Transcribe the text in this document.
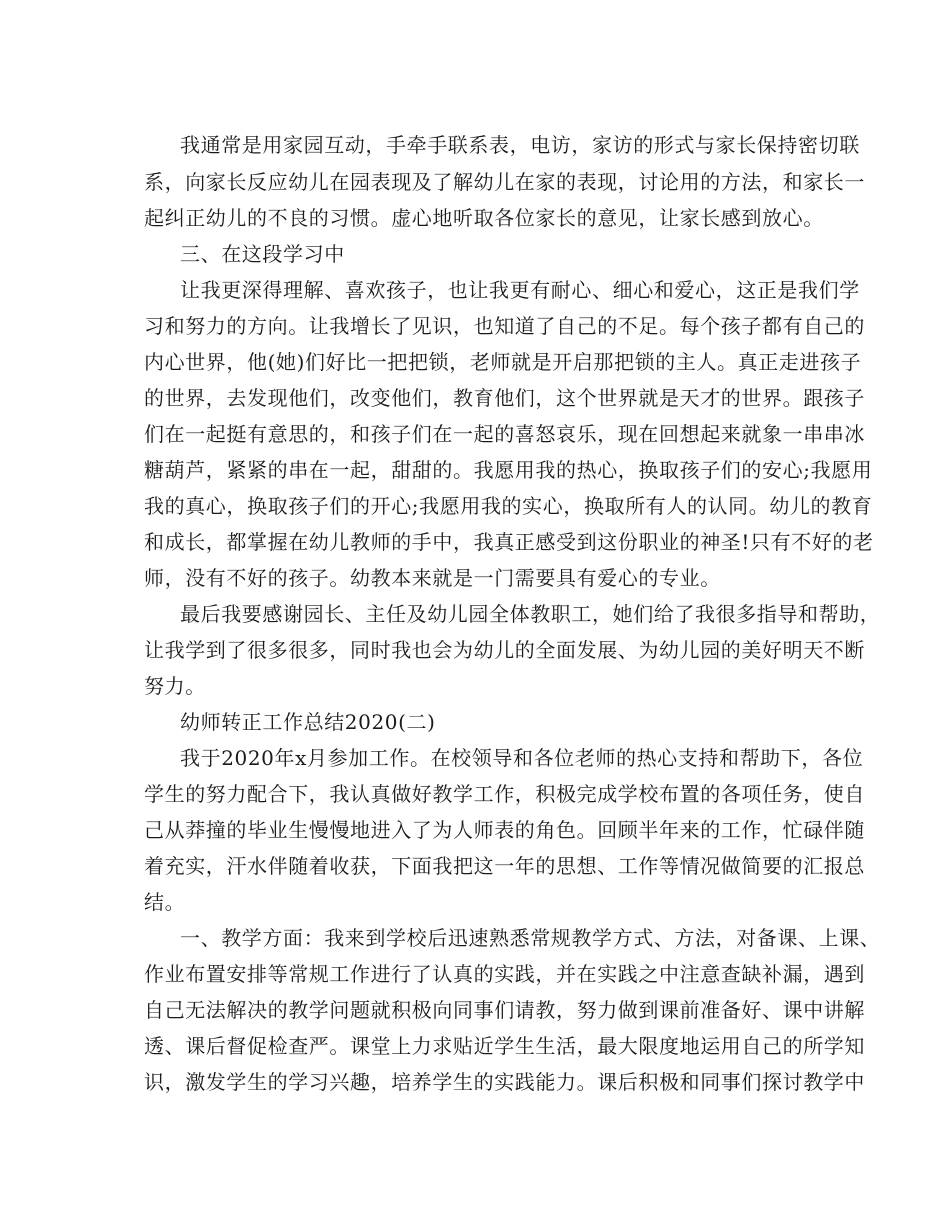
我通常是用家园互动，手牵手联系表，电访，家访的形式与家长保持密切联
系，向家长反应幼儿在园表现及了解幼儿在家的表现，讨论用的方法，和家长一
起纠正幼儿的不良的习惯。虚心地听取各位家长的意见，让家长感到放心。
三、在这段学习中
让我更深得理解、喜欢孩子，也让我更有耐心、细心和爱心，这正是我们学
习和努力的方向。让我增长了见识，也知道了自己的不足。每个孩子都有自己的
内心世界，他(她)们好比一把把锁，老师就是开启那把锁的主人。真正走进孩子
的世界，去发现他们，改变他们，教育他们，这个世界就是天才的世界。跟孩子
们在一起挺有意思的，和孩子们在一起的喜怒哀乐，现在回想起来就象一串串冰
糖葫芦，紧紧的串在一起，甜甜的。我愿用我的热心，换取孩子们的安心;我愿用
我的真心，换取孩子们的开心;我愿用我的实心，换取所有人的认同。幼儿的教育
和成长，都掌握在幼儿教师的手中，我真正感受到这份职业的神圣!只有不好的老
师，没有不好的孩子。幼教本来就是一门需要具有爱心的专业。
最后我要感谢园长、主任及幼儿园全体教职工，她们给了我很多指导和帮助，
让我学到了很多很多，同时我也会为幼儿的全面发展、为幼儿园的美好明天不断
努力。
幼师转正工作总结2020(二)
我于2020年x月参加工作。在校领导和各位老师的热心支持和帮助下，各位
学生的努力配合下，我认真做好教学工作，积极完成学校布置的各项任务，使自
己从莽撞的毕业生慢慢地进入了为人师表的角色。回顾半年来的工作，忙碌伴随
着充实，汗水伴随着收获，下面我把这一年的思想、工作等情况做简要的汇报总
结。
一、教学方面：我来到学校后迅速熟悉常规教学方式、方法，对备课、上课、
作业布置安排等常规工作进行了认真的实践，并在实践之中注意查缺补漏，遇到
自己无法解决的教学问题就积极向同事们请教，努力做到课前准备好、课中讲解
透、课后督促检查严。课堂上力求贴近学生生活，最大限度地运用自己的所学知
识，激发学生的学习兴趣，培养学生的实践能力。课后积极和同事们探讨教学中
